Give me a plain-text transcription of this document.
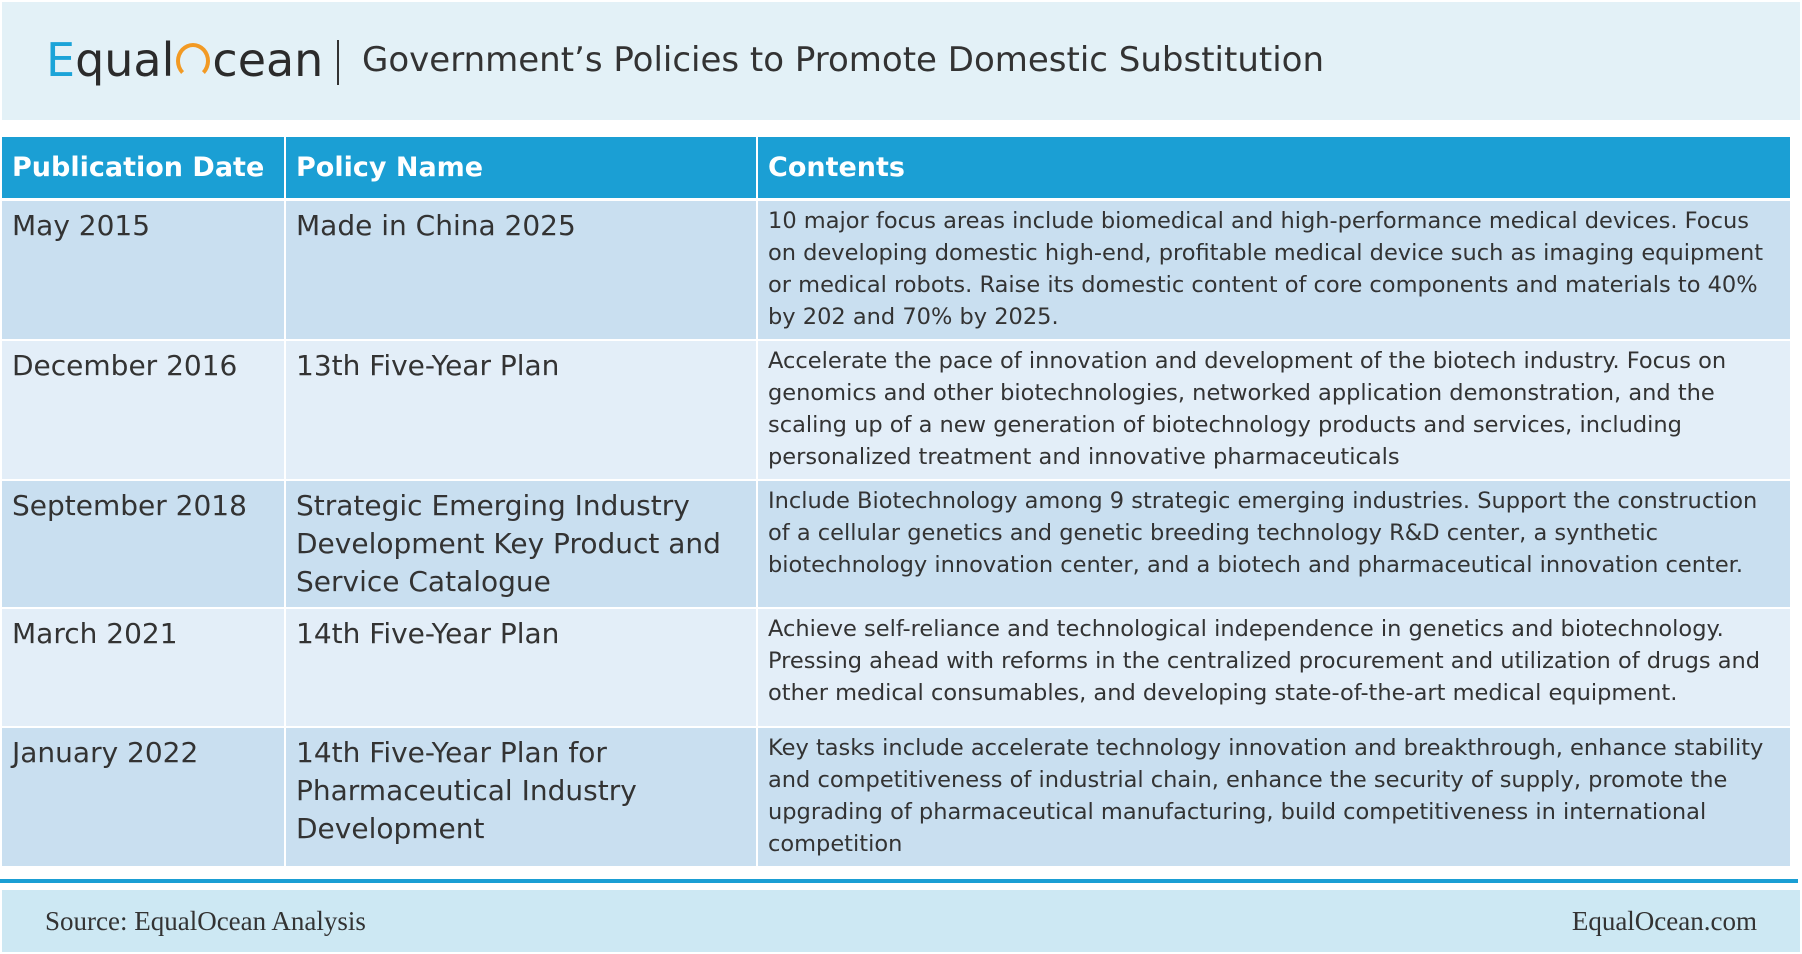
Equal cean Government’s Policies to Promote Domestic Substitution
Publication Date	Policy Name	Contents
May 2015	Made in China 2025	10 major focus areas include biomedical and high-performance medical devices. Focus on developing domestic high-end, profitable medical device such as imaging equipment or medical robots. Raise its domestic content of core components and materials to 40% by 202 and 70% by 2025.
December 2016	13th Five-Year Plan	Accelerate the pace of innovation and development of the biotech industry. Focus on genomics and other biotechnologies, networked application demonstration, and the scaling up of a new generation of biotechnology products and services, including personalized treatment and innovative pharmaceuticals
September 2018	Strategic Emerging Industry Development Key Product and Service Catalogue	Include Biotechnology among 9 strategic emerging industries. Support the construction of a cellular genetics and genetic breeding technology R&D center, a synthetic biotechnology innovation center, and a biotech and pharmaceutical innovation center.
March 2021	14th Five-Year Plan	Achieve self-reliance and technological independence in genetics and biotechnology. Pressing ahead with reforms in the centralized procurement and utilization of drugs and other medical consumables, and developing state-of-the-art medical equipment.
January 2022	14th Five-Year Plan for Pharmaceutical Industry Development	Key tasks include accelerate technology innovation and breakthrough, enhance stability and competitiveness of industrial chain, enhance the security of supply, promote the upgrading of pharmaceutical manufacturing, build competitiveness in international competition
Source: EqualOcean Analysis	EqualOcean.com
